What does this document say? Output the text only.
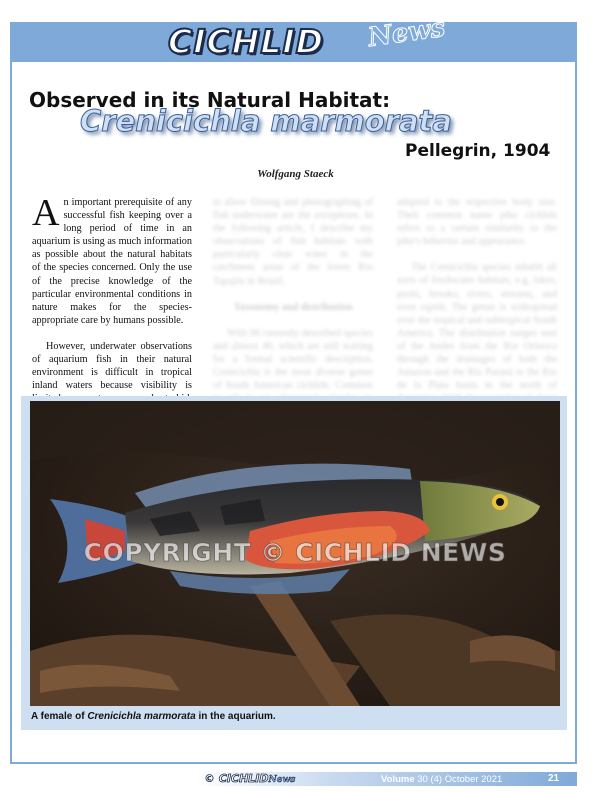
CICHLID News
Observed in its Natural Habitat:
Crenicichla marmorata
Pellegrin, 1904
Wolfgang Staeck

An important prerequisite of any successful fish keeping over a long period of time in an aquarium is using as much information as possible about the natural habitats of the species concerned. Only the use of the precise knowledge of the particular environmental conditions in nature makes for the species-appropriate care by humans possible.

However, underwater observations of aquarium fish in their natural environment is difficult in tropical inland waters because visibility is

to allow filming and photographing of fish underwater are the exceptions. In the following article, I describe my observations of fish habitats with particularly clear water in the catchment areas of the lower Rio Tapajós in Brazil.

Taxonomy and distribution

With 96 currently described species and almost 40, which are still waiting for a formal scientific description, Crenicichla is the most diverse genus of South American cichlids. Common

adapted to the respective body size. Their common name pike cichlids refers to a certain similarity to the pike's behavior and appearance.

The Crenicichla species inhabit all sorts of freshwater habitats, e.g. lakes, pools, brooks, rivers, streams, and even rapids. The genus is widespread over the tropical and subtropical South America. The distribution ranges east of the Andes from the Rio Orinoco through the drainages of both the Amazon and the Rio Paraná to the Rio de la Plata basin in the north of

COPYRIGHT © CICHLID NEWS
A female of Crenicichla marmorata in the aquarium.
© CICHLIDNews	Volume 30 (4) October 2021	21
